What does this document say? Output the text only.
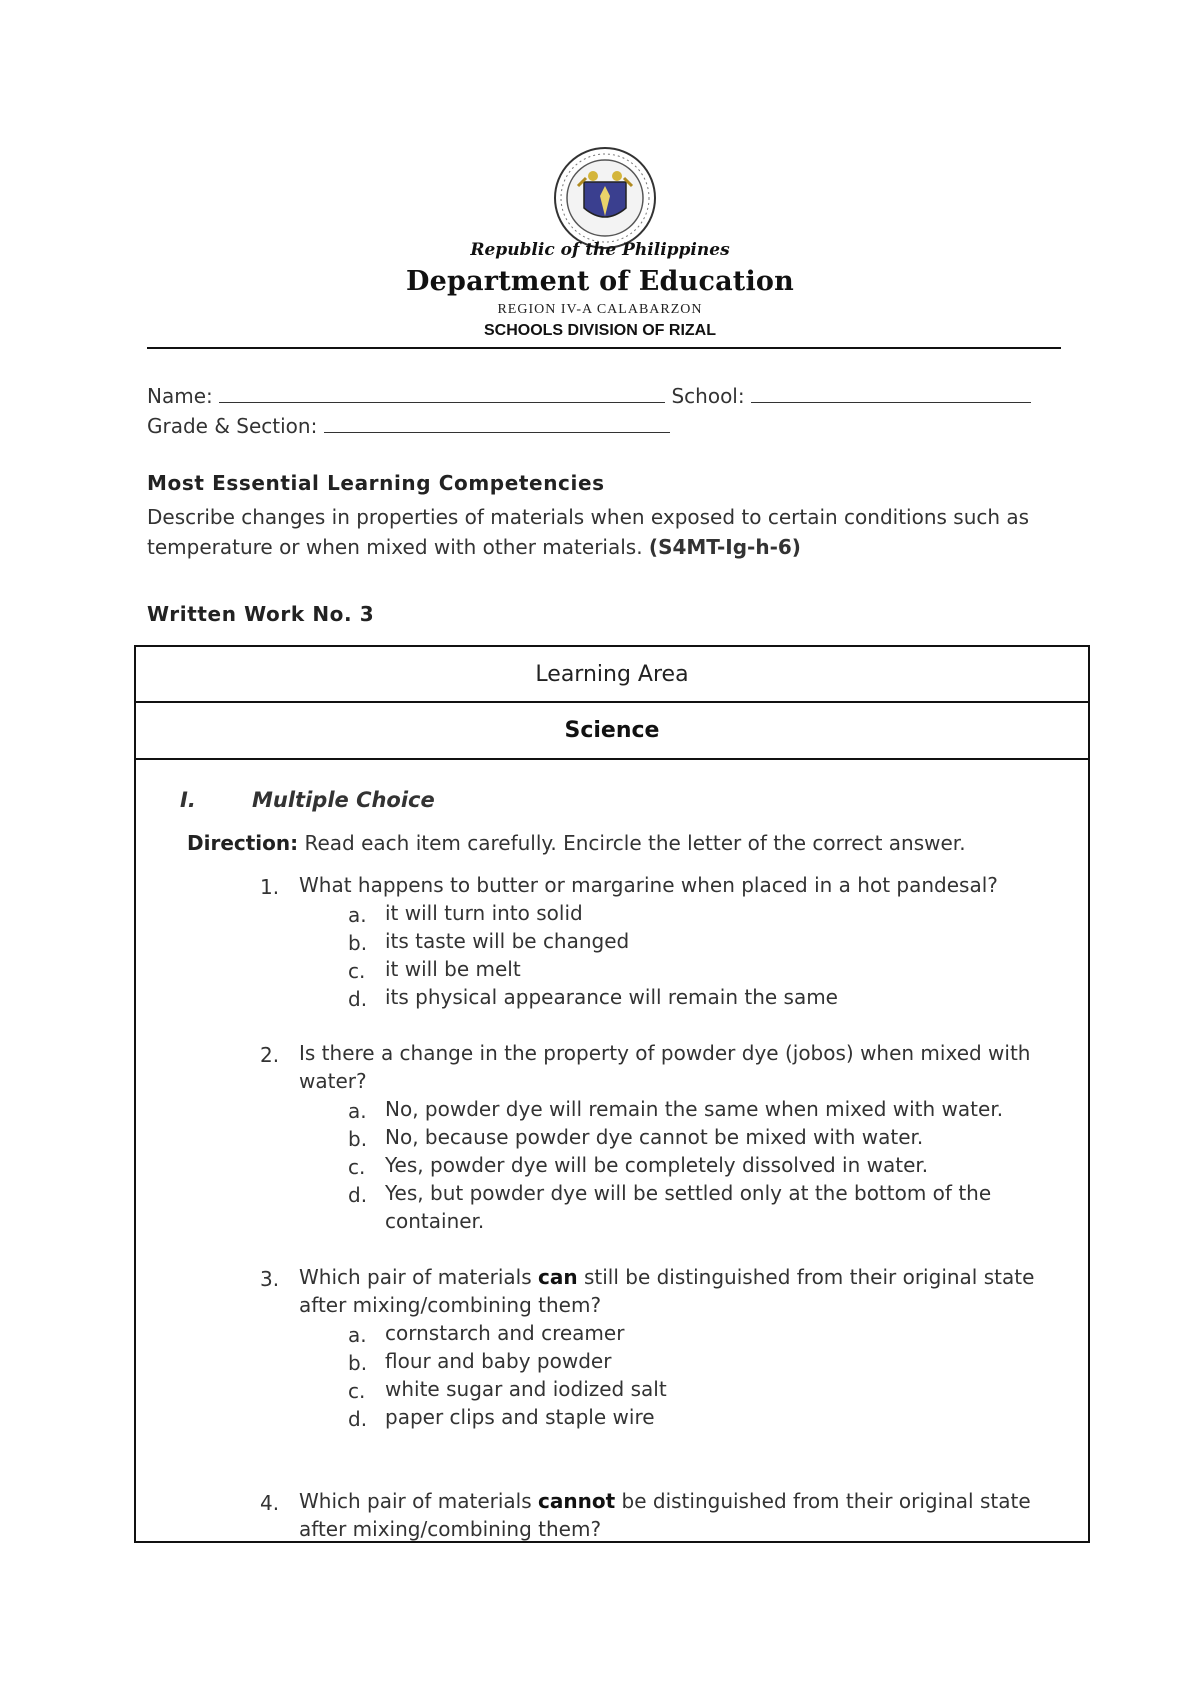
Republic of the Philippines
Department of Education
REGION IV-A CALABARZON
SCHOOLS DIVISION OF RIZAL
Name:	School:
Grade & Section:
Most Essential Learning Competencies
Describe changes in properties of materials when exposed to certain conditions such as temperature or when mixed with other materials. (S4MT-Ig-h-6)
Written Work No. 3
Learning Area
Science
I.	Multiple Choice
Direction: Read each item carefully. Encircle the letter of the correct answer.
1. What happens to butter or margarine when placed in a hot pandesal?
a. it will turn into solid
b. its taste will be changed
c. it will be melt
d. its physical appearance will remain the same
2. Is there a change in the property of powder dye (jobos) when mixed with water?
a. No, powder dye will remain the same when mixed with water.
b. No, because powder dye cannot be mixed with water.
c. Yes, powder dye will be completely dissolved in water.
d. Yes, but powder dye will be settled only at the bottom of the container.
3. Which pair of materials can still be distinguished from their original state after mixing/combining them?
a. cornstarch and creamer
b. flour and baby powder
c. white sugar and iodized salt
d. paper clips and staple wire
4. Which pair of materials cannot be distinguished from their original state after mixing/combining them?
